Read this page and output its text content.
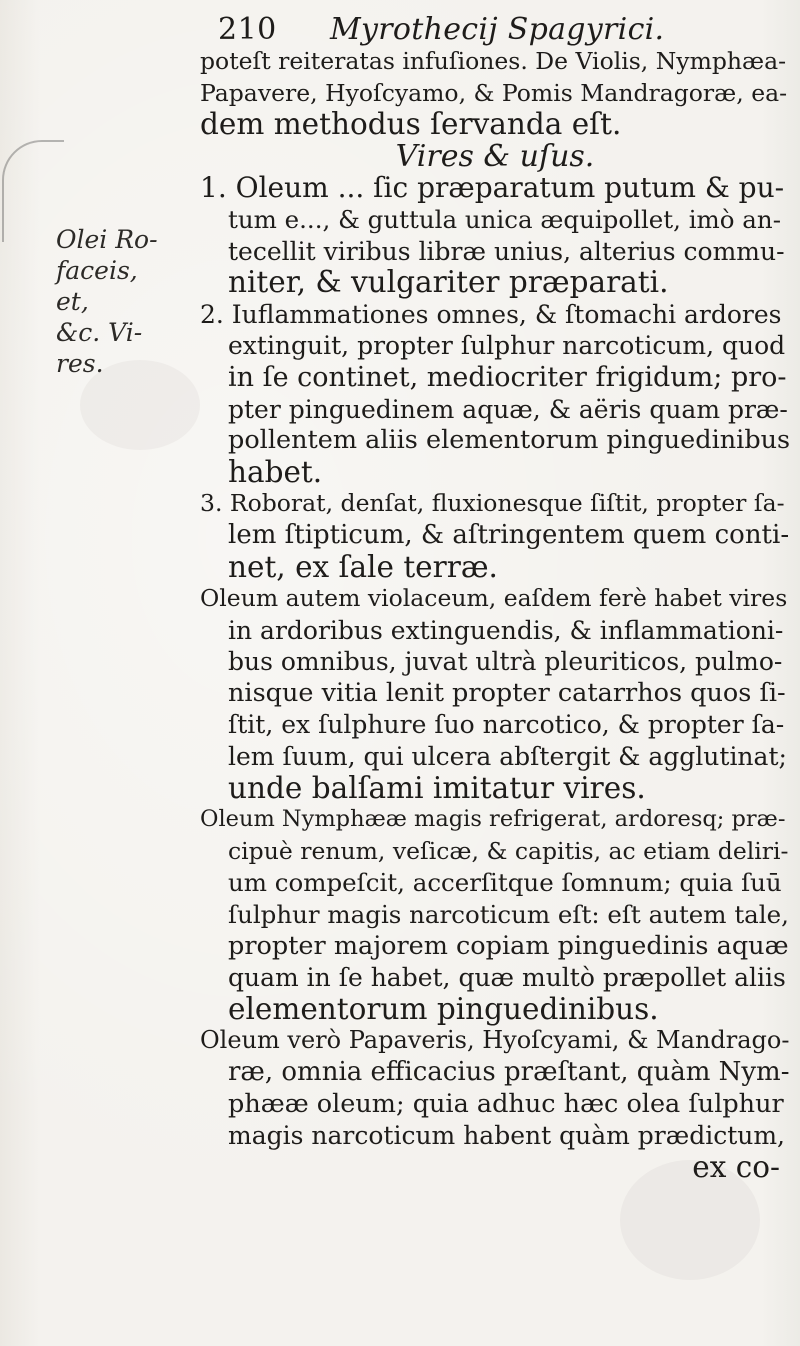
210 Myrothecij Spagyrici.
Olei Ro-
faceis,
et,
&c. Vi-
res.
poteſt reiteratas infuſiones. De Violis, Nymphæa-
Papavere, Hyoſcyamo, & Pomis Mandragoræ, ea-
dem methodus ſervanda eſt.
Vires & uſus.
1. Oleum ... ſic præparatum putum & pu-
tum e..., & guttula unica æquipollet, imò an-
tecellit viribus libræ unius, alterius commu-
niter, & vulgariter præparati.
2. Iuflammationes omnes, & ſtomachi ardores
extinguit, propter ſulphur narcoticum, quod
in ſe continet, mediocriter frigidum; pro-
pter pinguedinem aquæ, & aëris quam præ-
pollentem aliis elementorum pinguedinibus
habet.
3. Roborat, denſat, fluxionesque ſiſtit, propter ſa-
lem ſtipticum, & aſtringentem quem conti-
net, ex ſale terræ.
Oleum autem violaceum, eaſdem ferè habet vires
in ardoribus extinguendis, & inflammationi-
bus omnibus, juvat ultrà pleuriticos, pulmo-
nisque vitia lenit propter catarrhos quos ſi-
ſtit, ex ſulphure ſuo narcotico, & propter ſa-
lem ſuum, qui ulcera abſtergit & agglutinat;
unde balſami imitatur vires.
Oleum Nymphææ magis refrigerat, ardoresq; præ-
cipuè renum, veſicæ, & capitis, ac etiam deliri-
um compeſcit, accerſitque ſomnum; quia ſuū
ſulphur magis narcoticum eſt: eſt autem tale,
propter majorem copiam pinguedinis aquæ
quam in ſe habet, quæ multò præpollet aliis
elementorum pinguedinibus.
Oleum verò Papaveris, Hyoſcyami, & Mandrago-
ræ, omnia efficacius præſtant, quàm Nym-
phææ oleum; quia adhuc hæc olea ſulphur
magis narcoticum habent quàm prædictum,
ex co-
